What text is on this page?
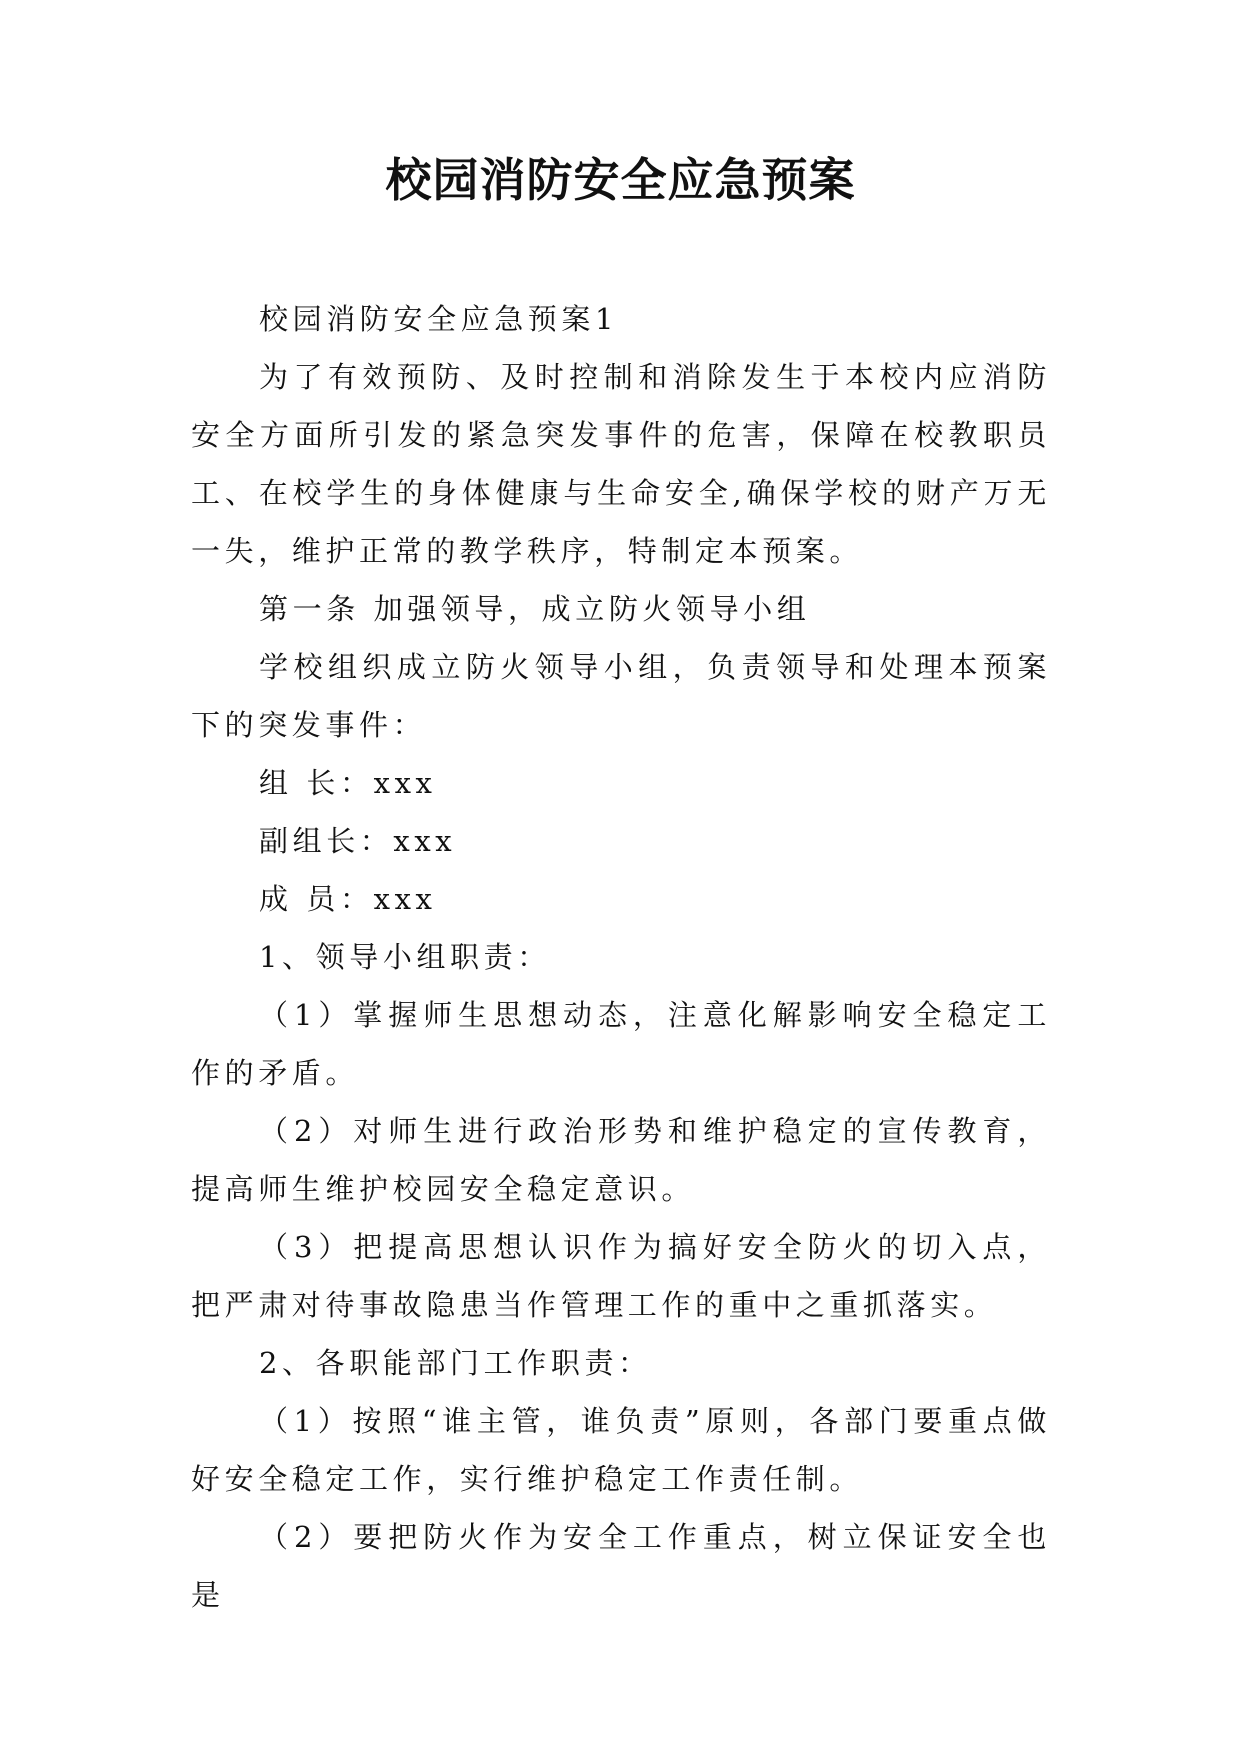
校园消防安全应急预案

校园消防安全应急预案1

为了有效预防、及时控制和消除发生于本校内应消防安全方面所引发的紧急突发事件的危害，保障在校教职员工、在校学生的身体健康与生命安全,确保学校的财产万无一失，维护正常的教学秩序，特制定本预案。

第一条 加强领导，成立防火领导小组

学校组织成立防火领导小组，负责领导和处理本预案下的突发事件：

组 长：xxx

副组长：xxx

成 员：xxx

1、领导小组职责：

（1）掌握师生思想动态，注意化解影响安全稳定工作的矛盾。

（2）对师生进行政治形势和维护稳定的宣传教育，提高师生维护校园安全稳定意识。

（3）把提高思想认识作为搞好安全防火的切入点，把严肃对待事故隐患当作管理工作的重中之重抓落实。

2、各职能部门工作职责：

（1）按照“谁主管，谁负责”原则，各部门要重点做好安全稳定工作，实行维护稳定工作责任制。

（2）要把防火作为安全工作重点，树立保证安全也是
